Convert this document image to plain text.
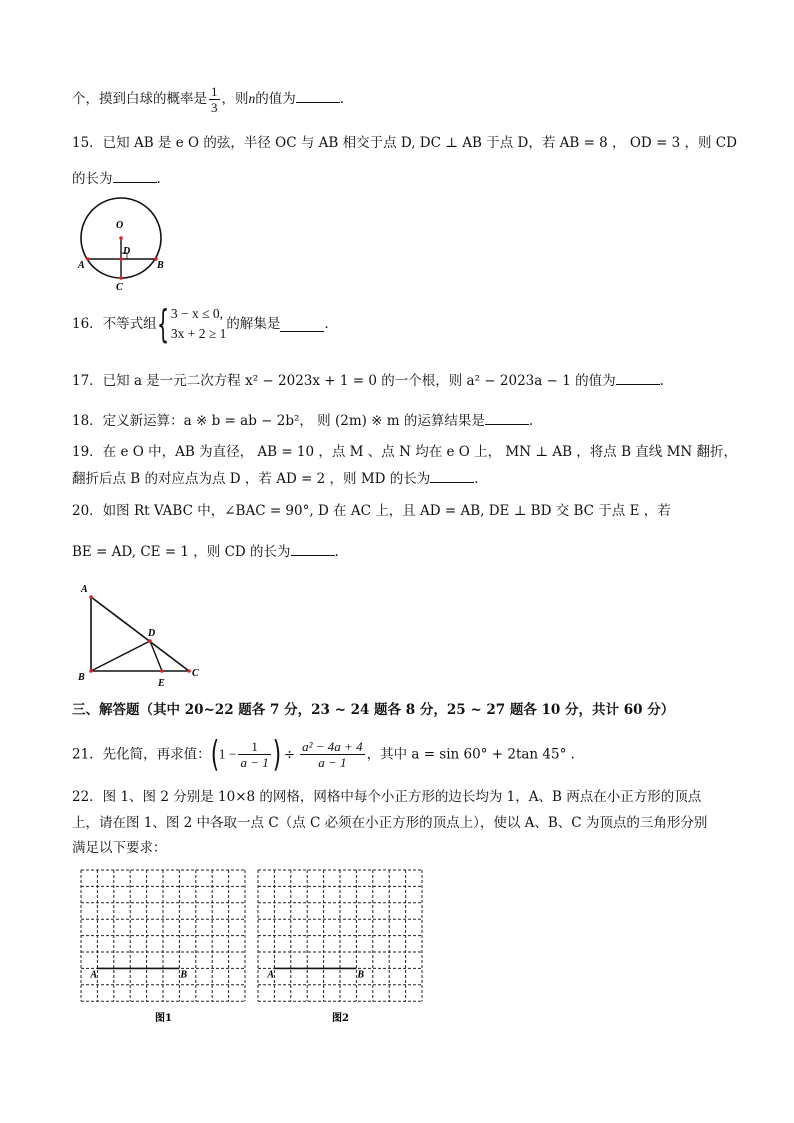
个，摸到白球的概率是 $\frac{1}{3}$ ，则n的值为	.
15．已知 AB 是 e O 的弦，半径 OC 与 AB 相交于点 D, DC ⊥ AB 于点 D，若 AB = 8 ， OD = 3 ，则 CD
的长为	.
O
D
A	B
C
16．不等式组{ 3 − x ≤ 0,
3x + 2 ≥ 1
的解集是	.
17．已知 a 是一元二次方程 x² − 2023x + 1 = 0 的一个根，则 a² − 2023a − 1 的值为	.
18．定义新运算：a ※ b = ab − 2b²， 则 (2m) ※ m 的运算结果是	.
19．在 e O 中，AB 为直径， AB = 10 ，点 M 、点 N 均在 e O 上， MN ⊥ AB ，将点 B 直线 MN 翻折，
翻折后点 B 的对应点为点 D ，若 AD = 2 ，则 MD 的长为	.
20．如图 Rt VABC 中，∠BAC = 90°, D 在 AC 上，且 AD = AB, DE ⊥ BD 交 BC 于点 E ，若
BE = AD, CE = 1 ，则 CD 的长为	.
A
D
B
E
C
三、解答题（其中 20~22 题各 7 分，23 ~ 24 题各 8 分，25 ~ 27 题各 10 分，共计 60 分）
21．先化简，再求值：($1 - \frac{1}{a - 1}$ ) ÷ $\frac{\text{a² − 4a + 4}}{a - 1}$ ，其中 a = sin 60° + 2tan 45° .
22．图 1、图 2 分别是 10×8 的网格，网格中每个小正方形的边长均为 1，A、B 两点在小正方形的顶点
上，请在图 1、图 2 中各取一点 C（点 C 必须在小正方形的顶点上），使以 A、B、C 为顶点的三角形分别
满足以下要求：
A	B
图1
A	B
图2
